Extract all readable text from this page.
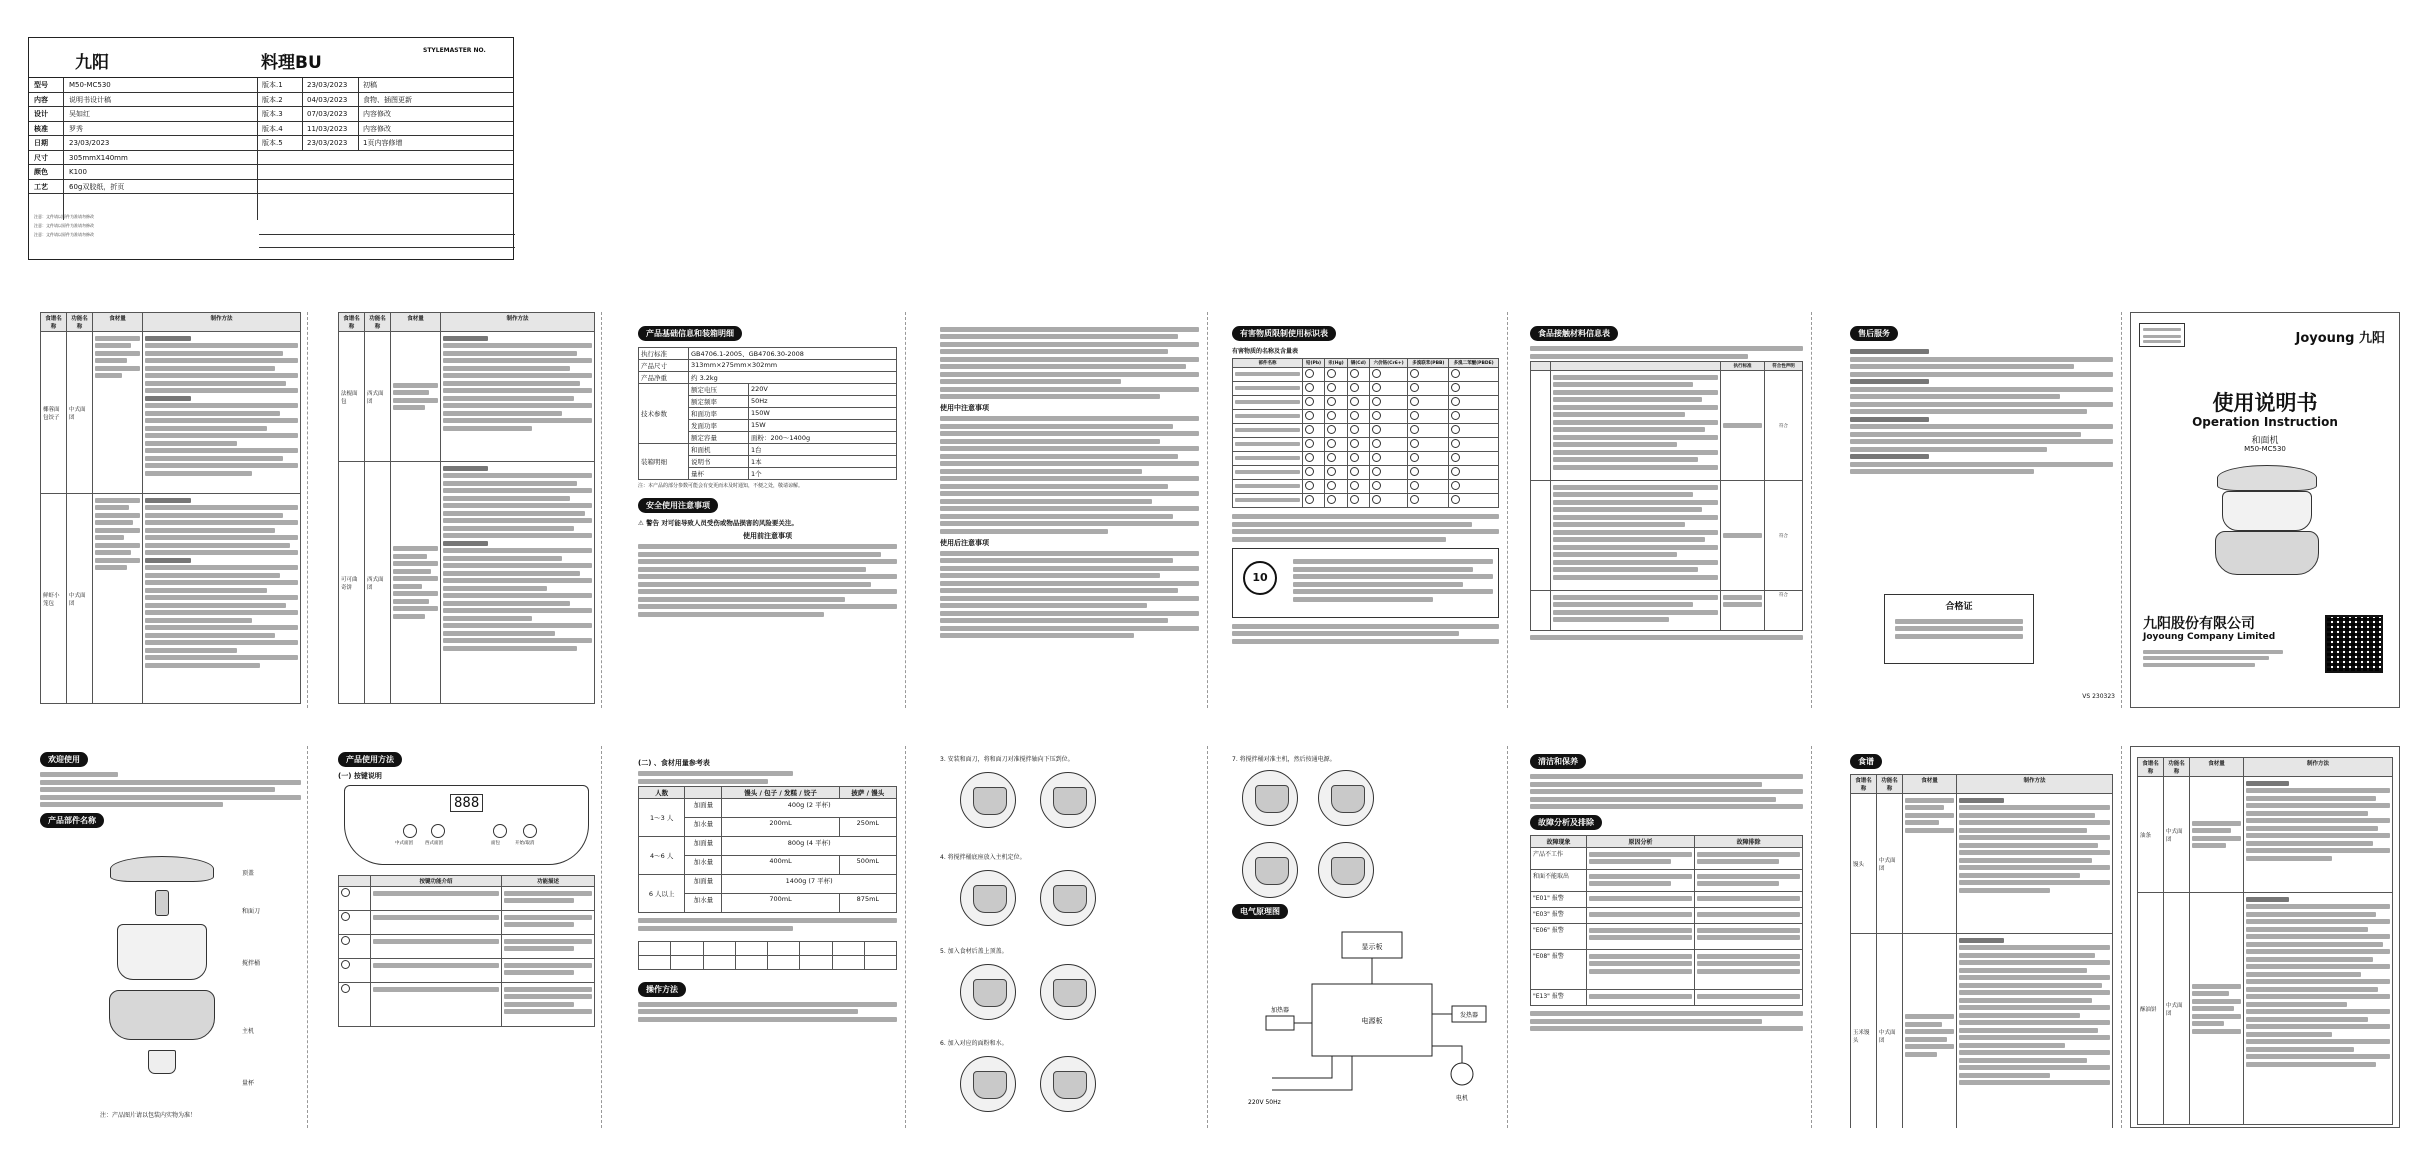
九阳	料理BU
STYLEMASTER NO.
型号	M50-MC530	版本.1	23/03/2023 初稿
内容	说明书设计稿	版本.2	04/03/2023 食物、插图更新
设计	吴如红	版本.3	07/03/2023 内容修改
核准	罗秀	版本.4	11/03/2023 内容修改
日期	23/03/2023	版本.5	23/03/2023 1页内容修增
尺寸	305mmX140mm
颜色	K100
工艺	60g双胶纸，折页
注意：文件请以原件为准请勿修改
注意：文件请以原件为准请勿修改
注意：文件请以原件为准请勿修改
食谱名称	功能名称	食材量	制作方法
椰蓉面包饺子	中式面团	

鲜虾小笼包	中式面团	

食谱名称	功能名称	食材量	制作方法
法棍面包	西式面团	

可可曲奇饼	西式面团	

产品基础信息和装箱明细
执行标准	GB4706.1-2005、GB4706.30-2008	
产品尺寸	313mm×275mm×302mm	
产品净重	约 3.2kg	
技术参数	额定电压	220V
	额定频率	50Hz
	和面功率	150W
	发面功率	15W
	额定容量	面粉：200～1400g
装箱明细	和面机	1台
	说明书	1本
	量杯	1个
注：本产品的部分参数可能会有变更而未及时通知，不便之处，敬请谅解。
安全使用注意事项
⚠ 警告 对可能导致人员受伤或物品损害的风险要关注。
使用前注意事项
使用中注意事项
使用后注意事项
有害物质限制使用标识表
有害物质的名称及含量表
部件名称	铅(Pb)	汞(Hg)	镉(Cd)	六价铬(Cr6+)	多溴联苯(PBB)	多溴二苯醚(PBDE)

10
食品接触材料信息表
		执行标准	符合性声明

	符合

	符合

	符合
售后服务
合格证
VS 230323
Joyoung 九阳
使用说明书
Operation Instruction
和面机
M50-MC530
九阳股份有限公司
Joyoung Company Limited
欢迎使用
产品部件名称
顶盖
和面刀
搅拌桶
主机
量杯
注：产品图片请以包装内实物为准！
产品使用方法
(一) 按键说明
888
中式面团	西式面团	面包	开始/取消
	按键功能介绍	功能描述

(二) 、食材用量参考表
人数		馒头 / 包子 / 发糕 / 饺子	披萨 / 馒头
1～3 人	加面量	400g (2 平杯)	
	加水量	200mL	250mL
4～6 人	加面量	800g (4 平杯)	
	加水量	400mL	500mL
6 人以上	加面量	1400g (7 平杯)	
	加水量	700mL	875mL

操作方法
3. 安装和面刀，将和面刀对准搅拌轴向下压到位。
4. 将搅拌桶底座放入主机定位。
5. 加入食材后盖上顶盖。
6. 加入对应的面粉和水。
7. 将搅拌桶对准主机，然后按通电源。
电气原理图
显示板
电源板
加热器
发热器
电机
220V 50Hz
清洁和保养
故障分析及排除
故障现象	原因分析	故障排除
产品不工作	

和面不能取出	

"E01" 报警	

"E03" 报警	

"E06" 报警	

"E08" 报警	

"E13" 报警	

食谱
食谱名称	功能名称	食材量	制作方法
馒头	中式面团	

玉米馒头	中式面团	

食谱名称	功能名称	食材量	制作方法
油条	中式面团	

酥油饼	中式面团	
